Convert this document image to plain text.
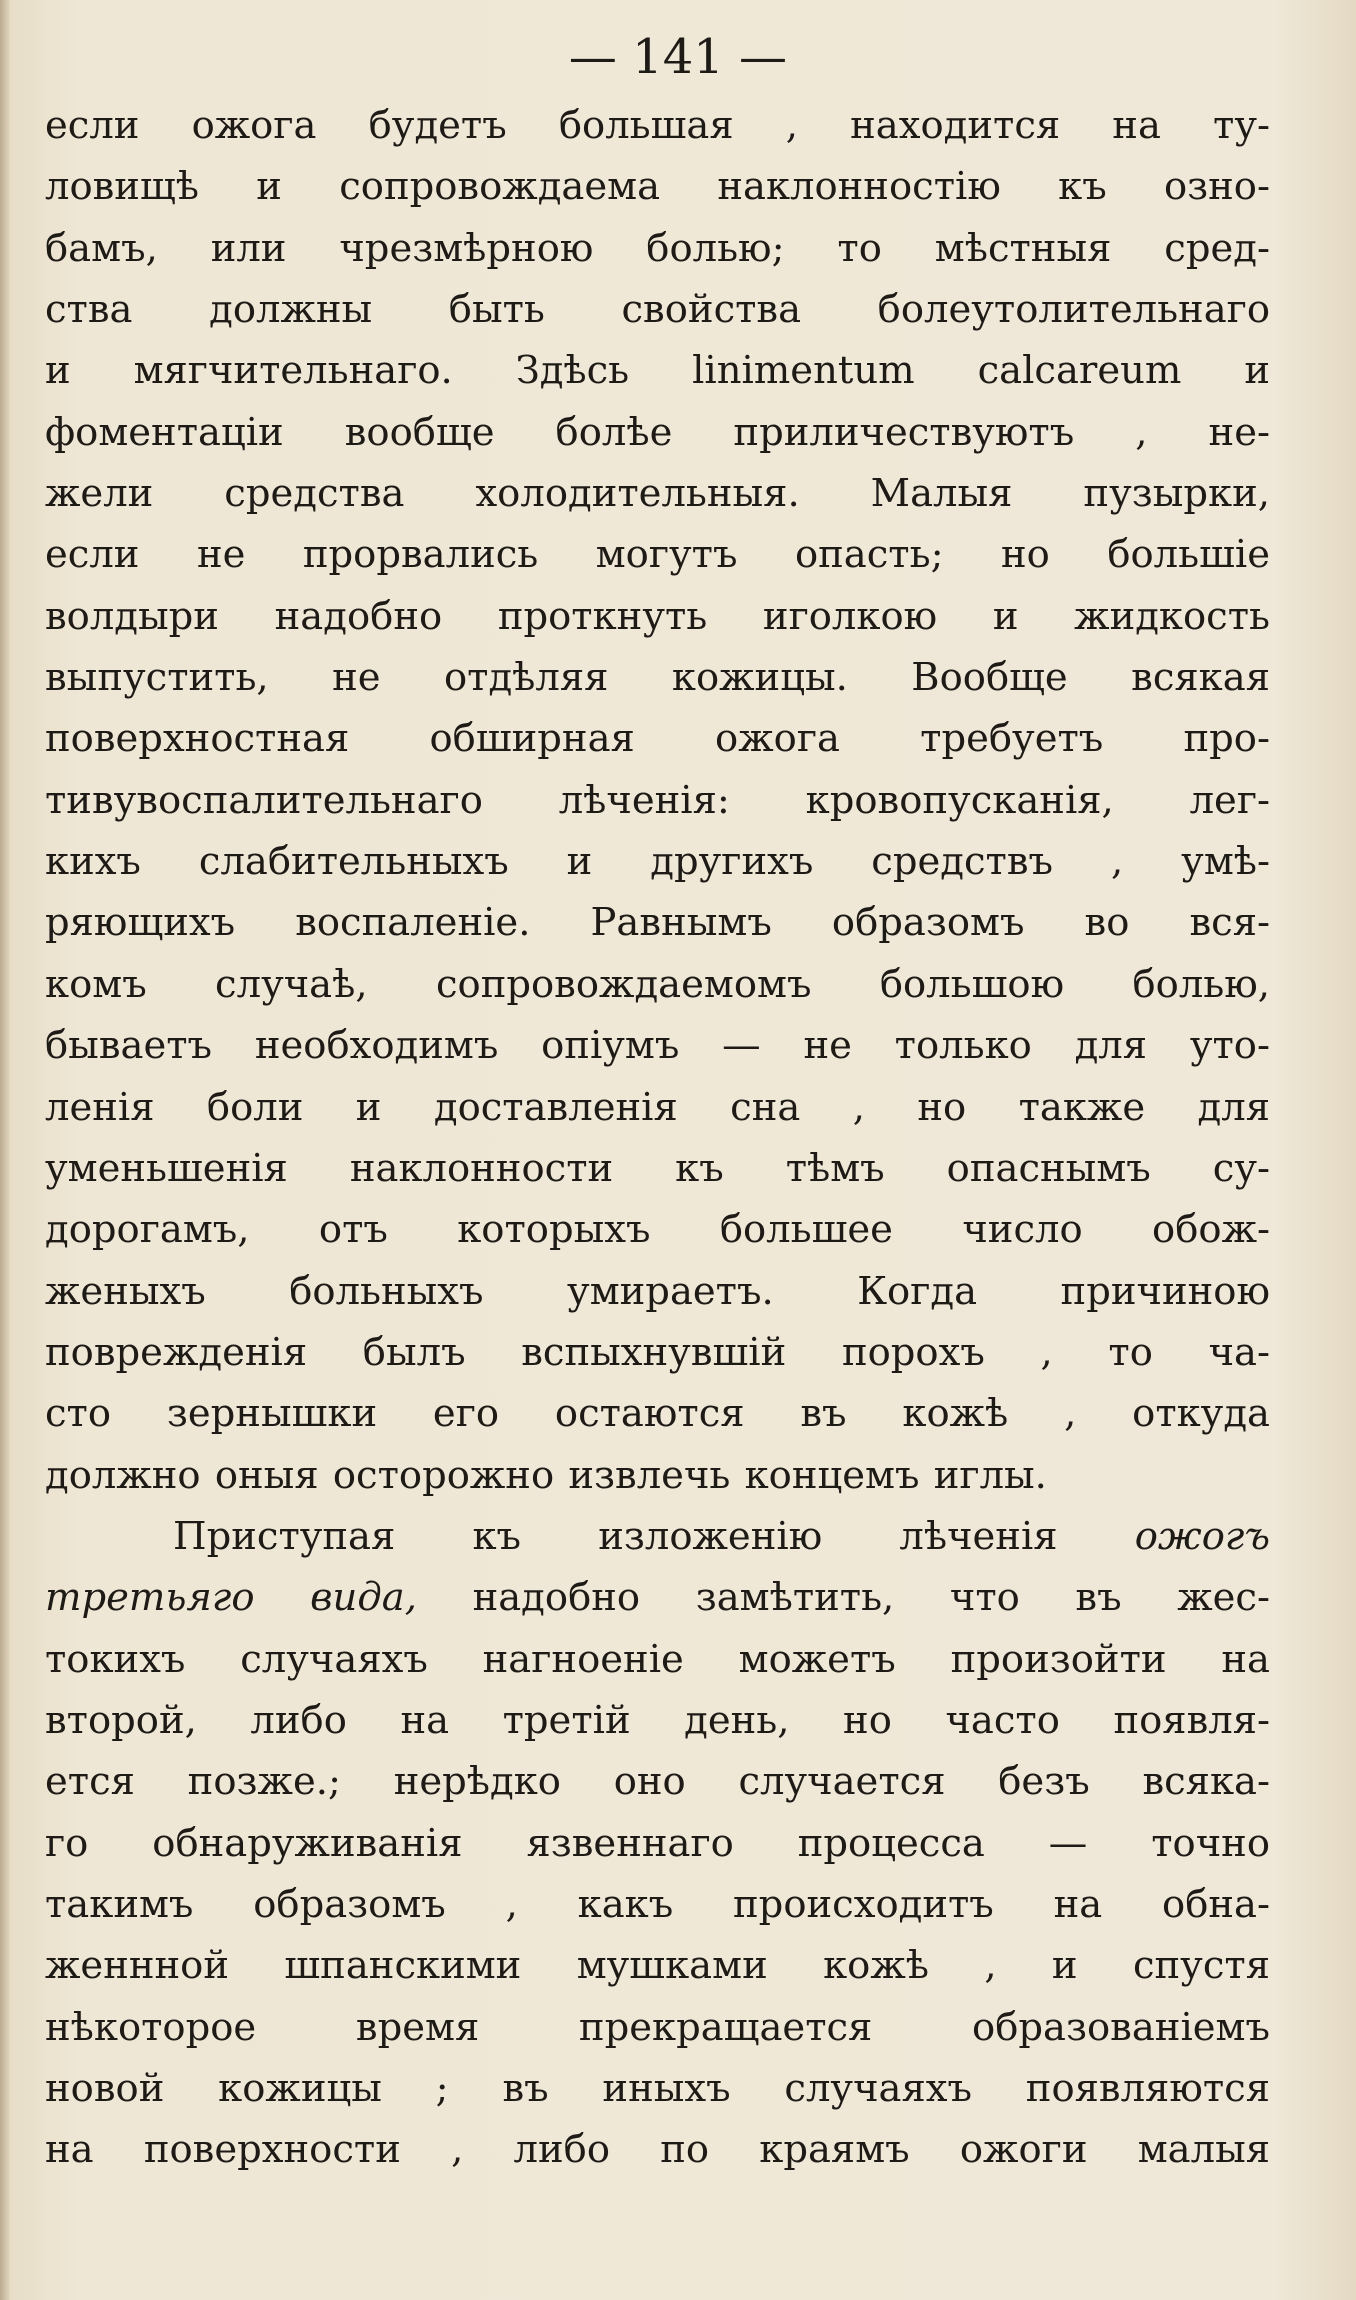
— 141 —
если ожога будетъ большая , находится на ту-
ловищѣ и сопровождаема наклонностію къ озно-
бамъ, или чрезмѣрною болью; то мѣстныя сред-
ства должны быть свойства болеутолительнаго
и мягчительнаго. Здѣсь linimentum calcareum и
фоментаціи вообще болѣе приличествуютъ , не-
жели средства холодительныя. Малыя пузырки,
если не прорвались могутъ опасть; но большіе
волдыри надобно проткнуть иголкою и жидкость
выпустить, не отдѣляя кожицы. Вообще всякая
поверхностная обширная ожога требуетъ про-
тивувоспалительнаго лѣченія: кровопусканія, лег-
кихъ слабительныхъ и другихъ средствъ , умѣ-
ряющихъ воспаленіе. Равнымъ образомъ во вся-
комъ случаѣ, сопровождаемомъ большою болью,
бываетъ необходимъ опіумъ — не только для уто-
ленія боли и доставленія сна , но также для
уменьшенія наклонности къ тѣмъ опаснымъ су-
дорогамъ, отъ которыхъ большее число обож-
женыхъ больныхъ умираетъ. Когда причиною
поврежденія былъ вспыхнувшій порохъ , то ча-
сто зернышки его остаются въ кожѣ , откуда
должно оныя осторожно извлечь концемъ иглы.
Приступая къ изложенію лѣченія ожогъ
третьяго вида, надобно замѣтить, что въ жес-
токихъ случаяхъ нагноеніе можетъ произойти на
второй, либо на третій день, но часто появля-
ется позже.; нерѣдко оно случается безъ всяка-
го обнаруживанія язвеннаго процесса — точно
такимъ образомъ , какъ происходитъ на обна-
женнной шпанскими мушками кожѣ , и спустя
нѣкоторое время прекращается образованіемъ
новой кожицы ; въ иныхъ случаяхъ появляются
на поверхности , либо по краямъ ожоги малыя
